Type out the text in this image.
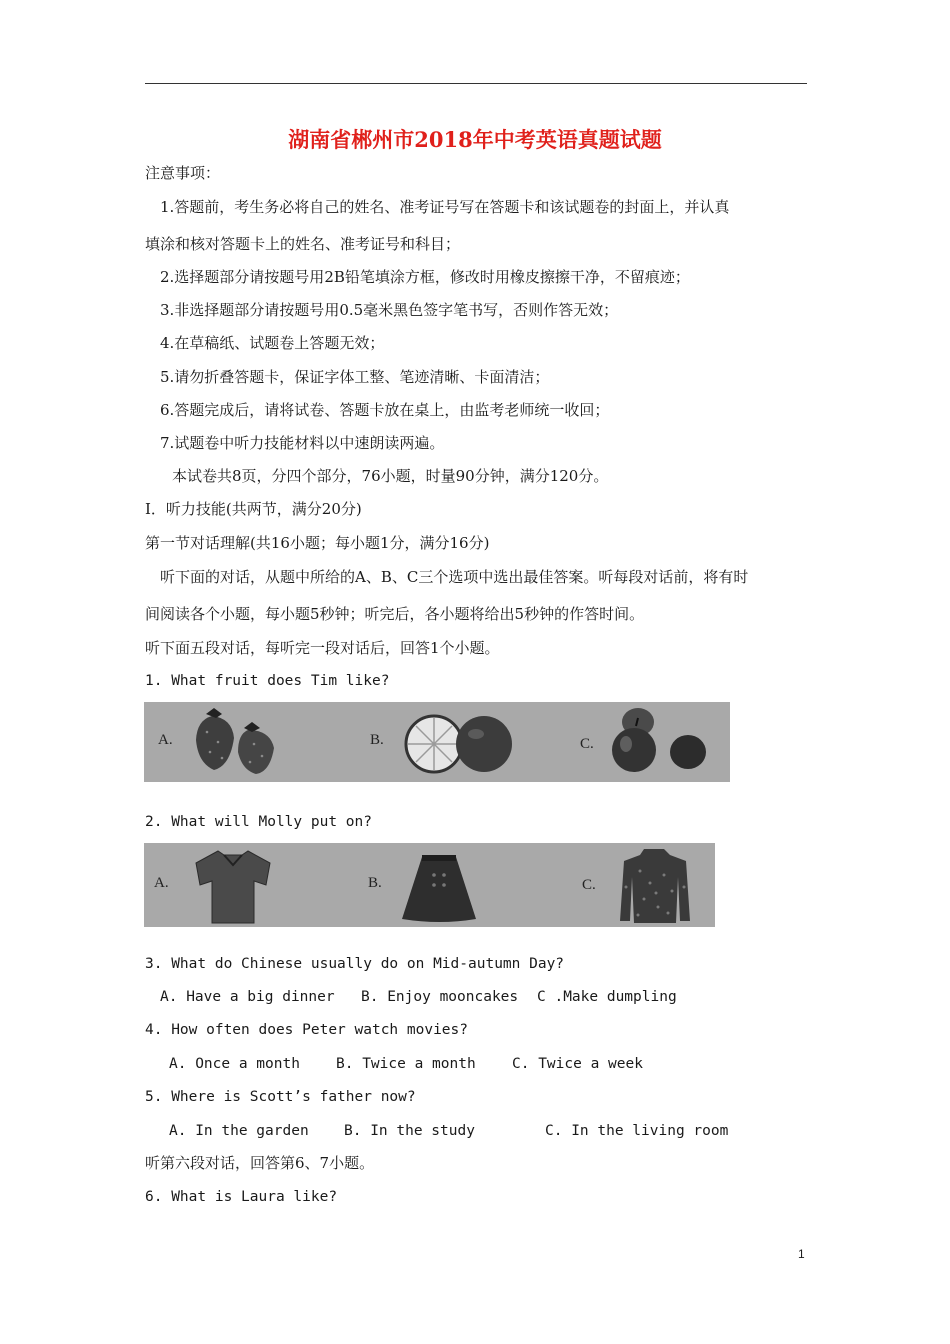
湖南省郴州市2018年中考英语真题试题
注意事项：
1.答题前，考生务必将自己的姓名、准考证号写在答题卡和该试题卷的封面上，并认真
填涂和核对答题卡上的姓名、准考证号和科目；
2.选择题部分请按题号用2B铅笔填涂方框，修改时用橡皮擦擦干净，不留痕迹；
3.非选择题部分请按题号用0.5毫米黑色签字笔书写，否则作答无效；
4.在草稿纸、试题卷上答题无效；
5.请勿折叠答题卡，保证字体工整、笔迹清晰、卡面清洁；
6.答题完成后，请将试卷、答题卡放在桌上，由监考老师统一收回；
7.试题卷中听力技能材料以中速朗读两遍。
本试卷共8页，分四个部分，76小题，时量90分钟，满分120分。
I．听力技能(共两节，满分20分)
第一节对话理解(共16小题；每小题1分，满分16分)
听下面的对话，从题中所给的A、B、C三个选项中选出最佳答案。听每段对话前，将有时
间阅读各个小题，每小题5秒钟；听完后，各小题将给出5秒钟的作答时间。
听下面五段对话，每听完一段对话后，回答1个小题。
1. What fruit does Tim like?
A.	B.	C.
2. What will Molly put on?
A.	B.	C.
3. What do Chinese usually do on Mid-autumn Day?
A. Have a big dinner B. Enjoy mooncakes C .Make dumpling
4. How often does Peter watch movies?
A. Once a month B. Twice a month	C. Twice a week
5. Where is Scott’s father now?
A. In the garden B. In the study	C. In the living room
听第六段对话，回答第6、7小题。
6. What is Laura like?
1
